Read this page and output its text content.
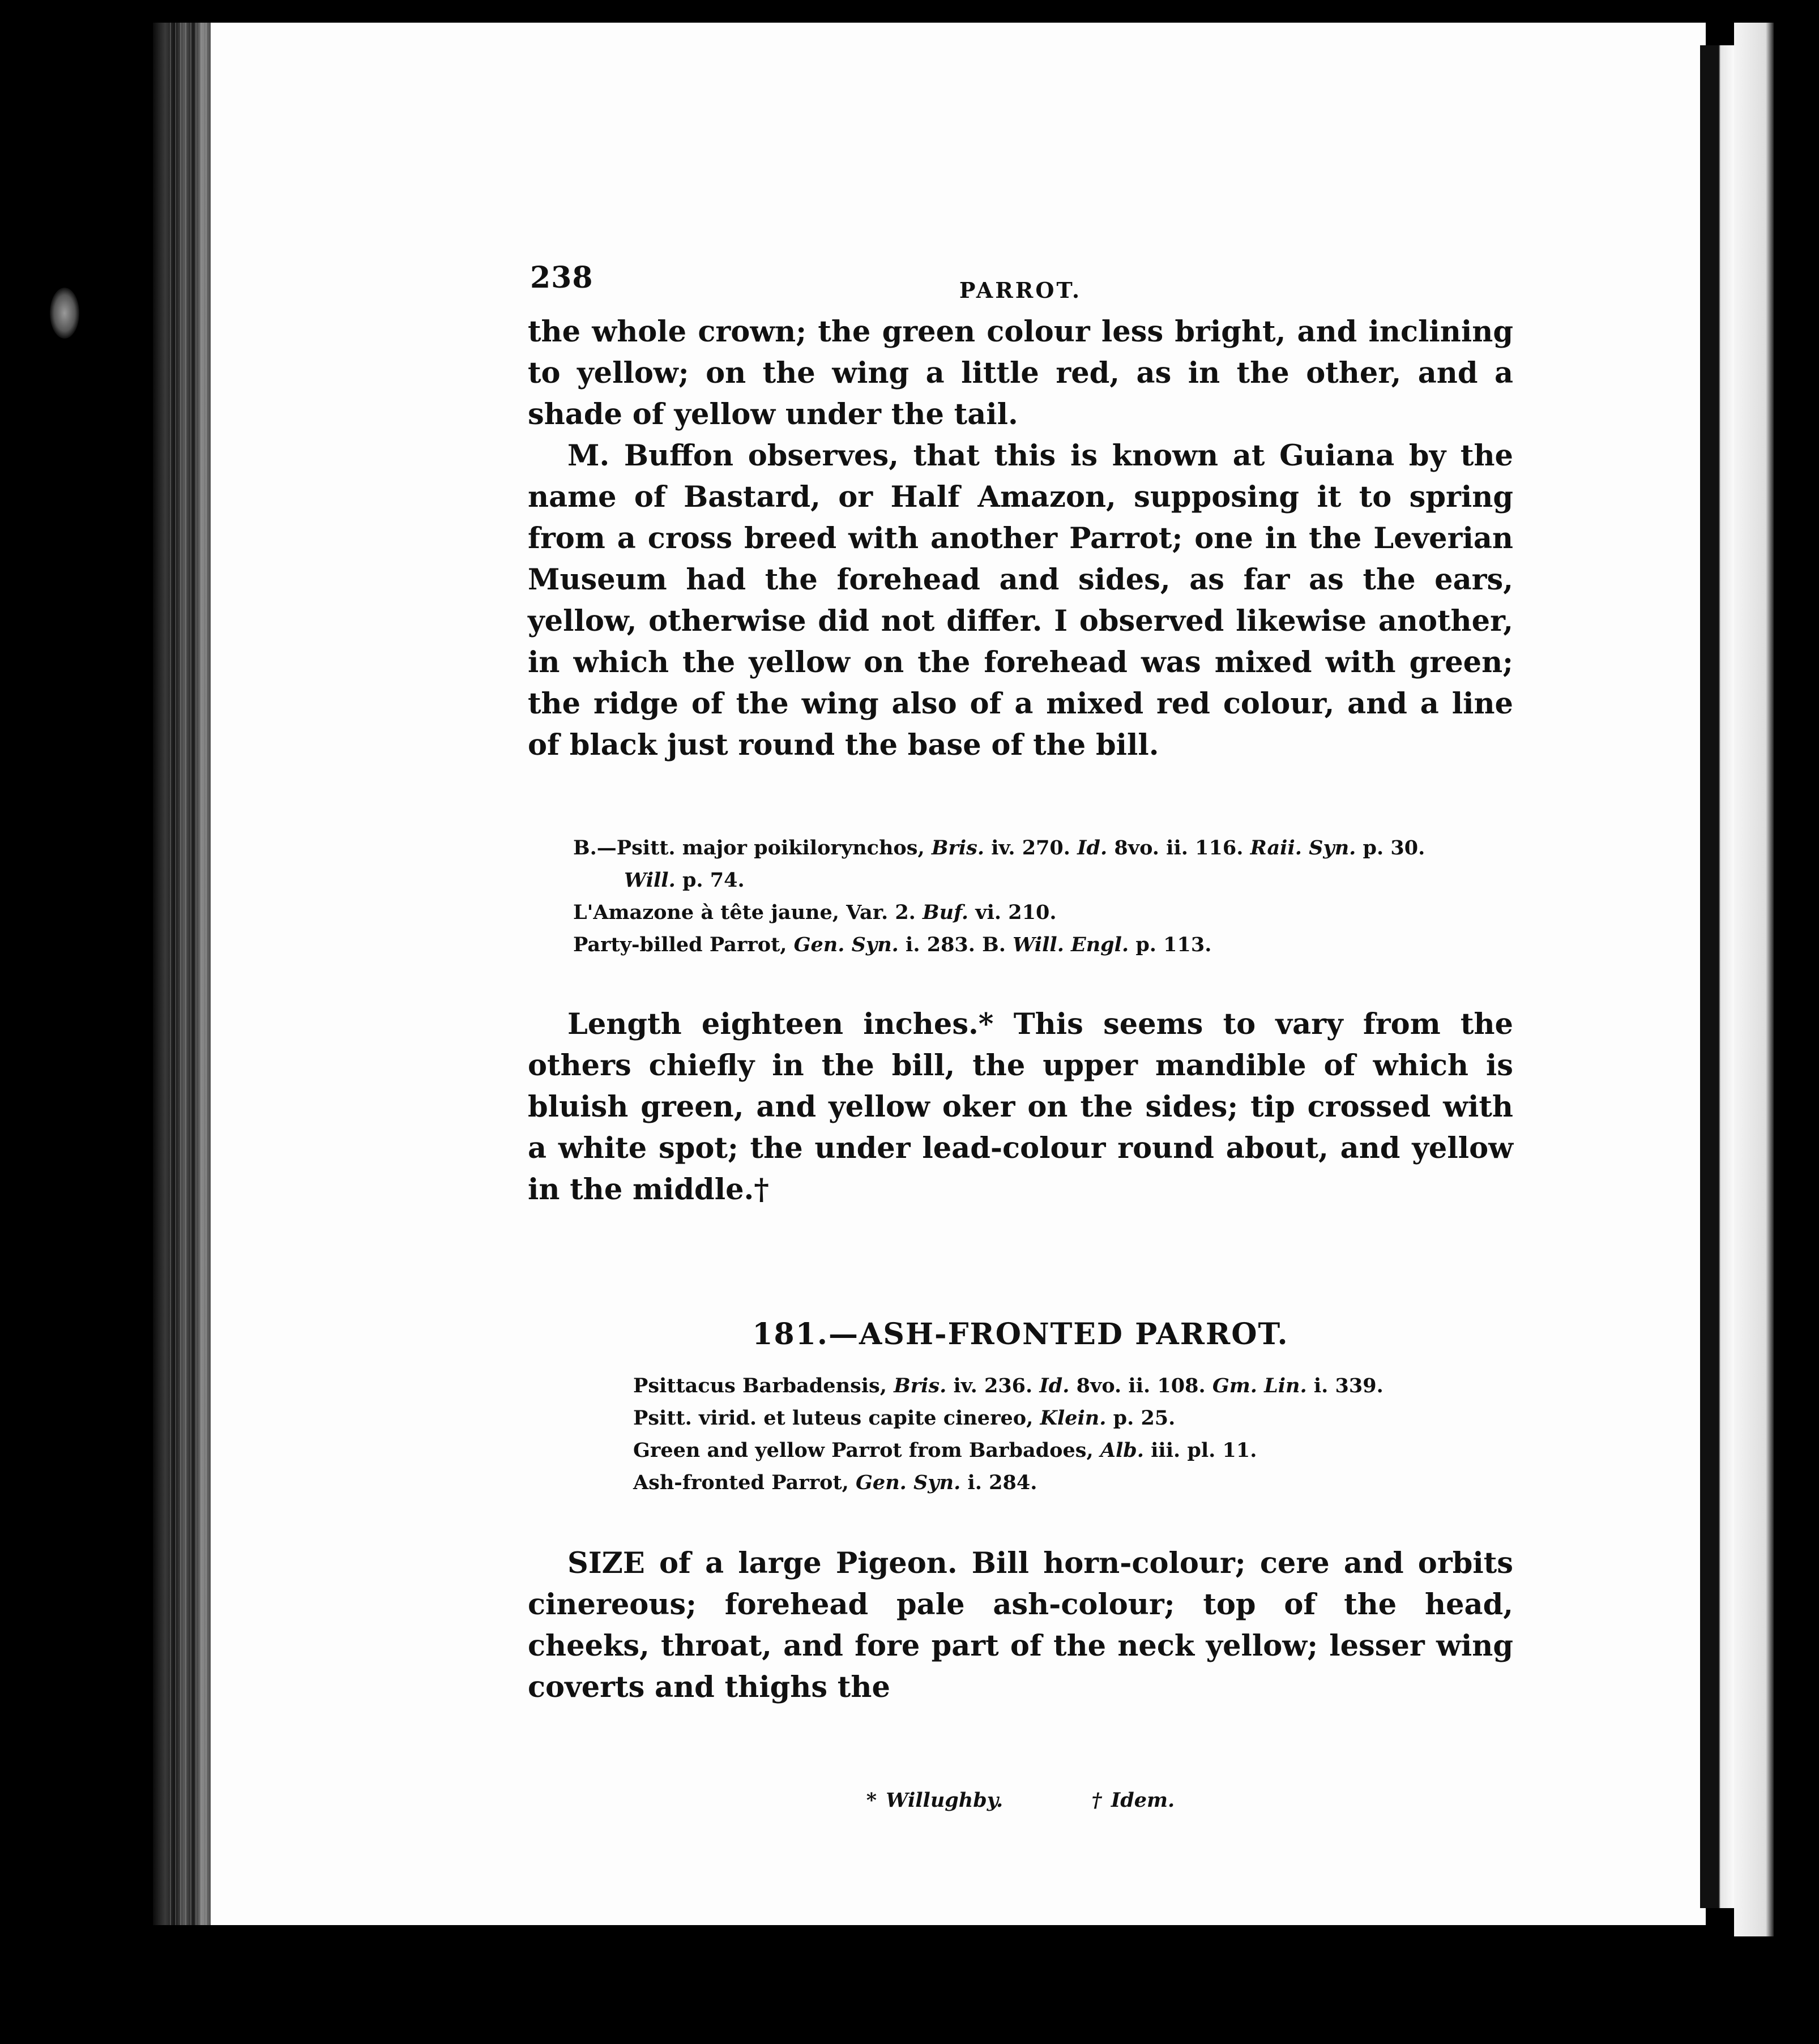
238	PARROT.

the whole crown; the green colour less bright, and inclining to yellow; on the wing a little red, as in the other, and a shade of yellow under the tail.

M. Buffon observes, that this is known at Guiana by the name of Bastard, or Half Amazon, supposing it to spring from a cross breed with another Parrot; one in the Leverian Museum had the forehead and sides, as far as the ears, yellow, otherwise did not differ. I observed likewise another, in which the yellow on the forehead was mixed with green; the ridge of the wing also of a mixed red colour, and a line of black just round the base of the bill.

B.—Psitt. major poikilorynchos, Bris. iv. 270. Id. 8vo. ii. 116. Raii. Syn. p. 30.
Will. p. 74.
L'Amazone à tête jaune, Var. 2. Buf. vi. 210.
Party-billed Parrot, Gen. Syn. i. 283. B. Will. Engl. p. 113.

Length eighteen inches.* This seems to vary from the others chiefly in the bill, the upper mandible of which is bluish green, and yellow oker on the sides; tip crossed with a white spot; the under lead-colour round about, and yellow in the middle.†

181.—ASH-FRONTED PARROT.
Psittacus Barbadensis, Bris. iv. 236. Id. 8vo. ii. 108. Gm. Lin. i. 339.
Psitt. virid. et luteus capite cinereo, Klein. p. 25.
Green and yellow Parrot from Barbadoes, Alb. iii. pl. 11.
Ash-fronted Parrot, Gen. Syn. i. 284.

SIZE of a large Pigeon. Bill horn-colour; cere and orbits cinereous; forehead pale ash-colour; top of the head, cheeks, throat, and fore part of the neck yellow; lesser wing coverts and thighs the

* Willughby.	† Idem.
